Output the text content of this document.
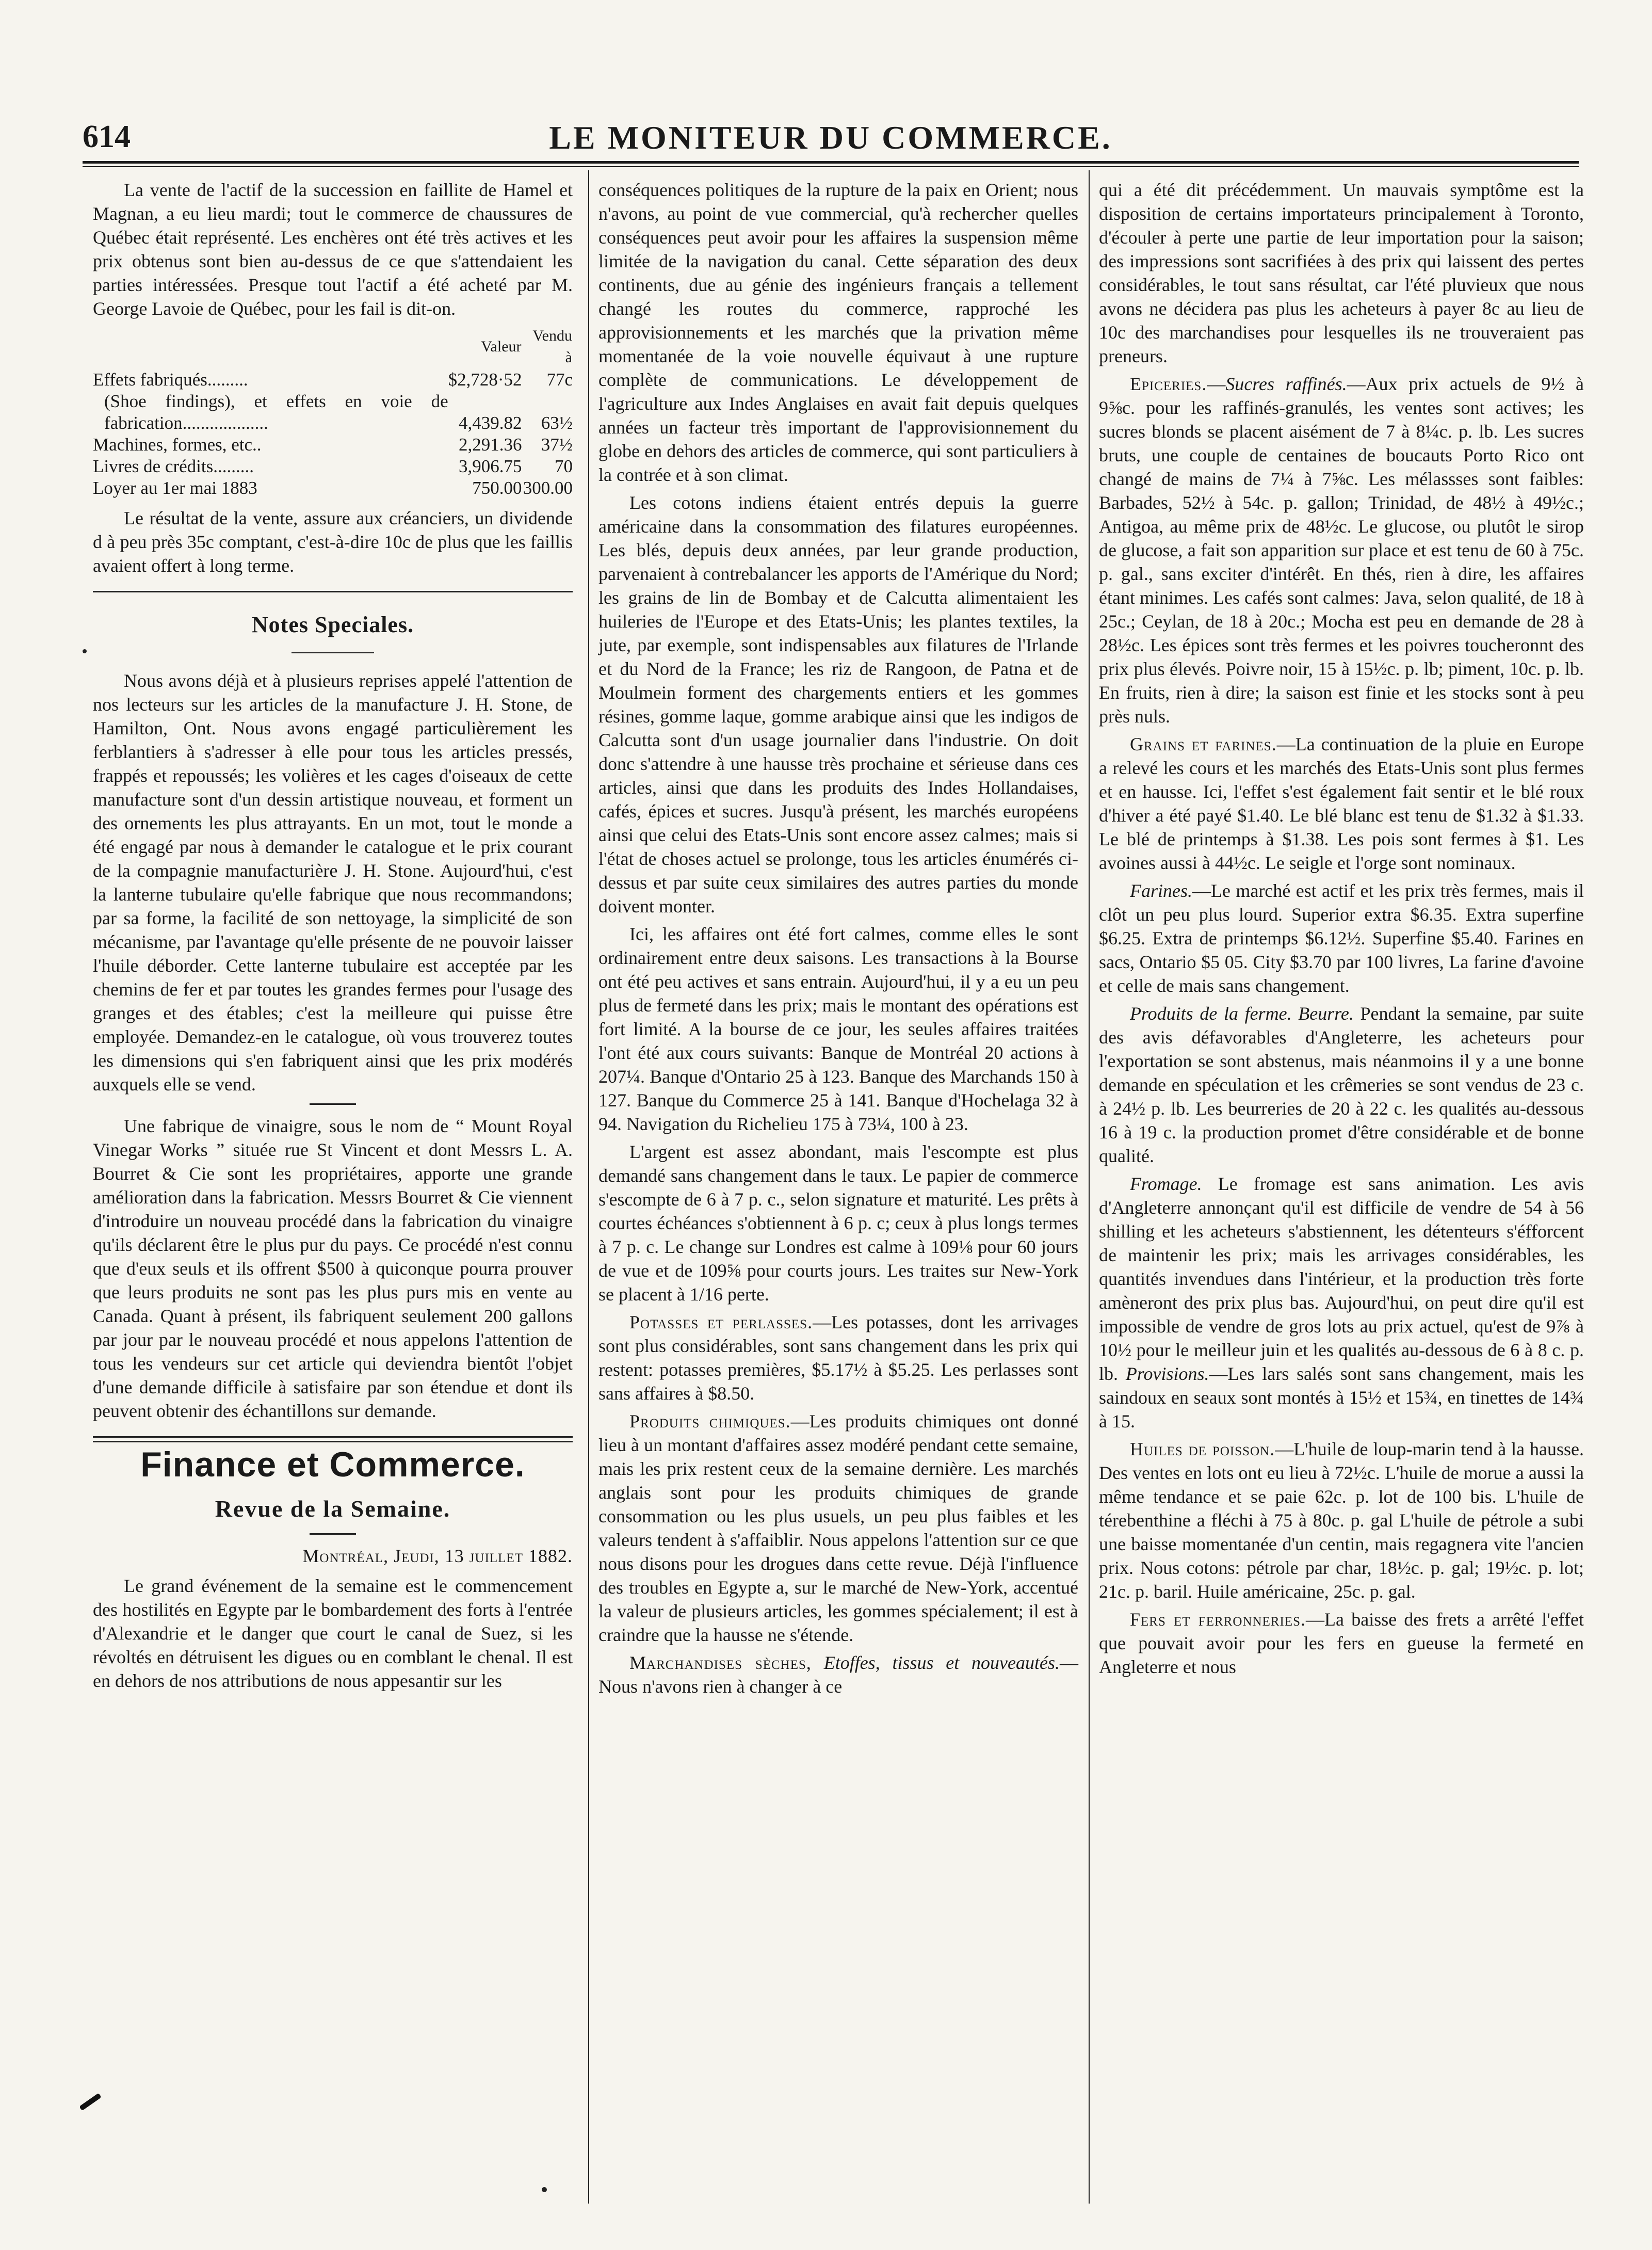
614	LE MONITEUR DU COMMERCE.

La vente de l'actif de la succession en faillite de Hamel et Magnan, a eu lieu mardi; tout le commerce de chaussures de Québec était représenté. Les enchères ont été très actives et les prix obtenus sont bien au-dessus de ce que s'attendaient les parties intéressées. Presque tout l'actif a été acheté par M. George Lavoie de Québec, pour les fail is dit-on.

	Valeur	Vendu à
Effets fabriqués.........	$2,728·52	77c
(Shoe findings), et effets en voie de fabrication...................	4,439.82	63½
Machines, formes, etc..	2,291.36	37½
Livres de crédits.........	3,906.75	70
Loyer au 1er mai 1883	750.00	300.00

Le résultat de la vente, assure aux créanciers, un dividende d à peu près 35c comptant, c'est-à-dire 10c de plus que les faillis avaient offert à long terme.

Notes Speciales.

Nous avons déjà et à plusieurs reprises appelé l'attention de nos lecteurs sur les articles de la manufacture J. H. Stone, de Hamilton, Ont. Nous avons engagé particulièrement les ferblantiers à s'adresser à elle pour tous les articles pressés, frappés et repoussés; les volières et les cages d'oiseaux de cette manufacture sont d'un dessin artistique nouveau, et forment un des ornements les plus attrayants. En un mot, tout le monde a été engagé par nous à demander le catalogue et le prix courant de la compagnie manufacturière J. H. Stone. Aujourd'hui, c'est la lanterne tubulaire qu'elle fabrique que nous recommandons; par sa forme, la facilité de son nettoyage, la simplicité de son mécanisme, par l'avantage qu'elle présente de ne pouvoir laisser l'huile déborder. Cette lanterne tubulaire est acceptée par les chemins de fer et par toutes les grandes fermes pour l'usage des granges et des étables; c'est la meilleure qui puisse être employée. Demandez-en le catalogue, où vous trouverez toutes les dimensions qui s'en fabriquent ainsi que les prix modérés auxquels elle se vend.

Une fabrique de vinaigre, sous le nom de “ Mount Royal Vinegar Works ” située rue St Vincent et dont Messrs L. A. Bourret & Cie sont les propriétaires, apporte une grande amélioration dans la fabrication. Messrs Bourret & Cie viennent d'introduire un nouveau procédé dans la fabrication du vinaigre qu'ils déclarent être le plus pur du pays. Ce procédé n'est connu que d'eux seuls et ils offrent $500 à quiconque pourra prouver que leurs produits ne sont pas les plus purs mis en vente au Canada. Quant à présent, ils fabriquent seulement 200 gallons par jour par le nouveau procédé et nous appelons l'attention de tous les vendeurs sur cet article qui deviendra bientôt l'objet d'une demande difficile à satisfaire par son étendue et dont ils peuvent obtenir des échantillons sur demande.

Finance et Commerce.
Revue de la Semaine.
Montréal, Jeudi, 13 juillet 1882.

Le grand événement de la semaine est le commencement des hostilités en Egypte par le bombardement des forts à l'entrée d'Alexandrie et le danger que court le canal de Suez, si les révoltés en détruisent les digues ou en comblant le chenal. Il est en dehors de nos attributions de nous appesantir sur les

conséquences politiques de la rupture de la paix en Orient; nous n'avons, au point de vue commercial, qu'à rechercher quelles conséquences peut avoir pour les affaires la suspension même limitée de la navigation du canal. Cette séparation des deux continents, due au génie des ingénieurs français a tellement changé les routes du commerce, rapproché les approvisionnements et les marchés que la privation même momentanée de la voie nouvelle équivaut à une rupture complète de communications. Le développement de l'agriculture aux Indes Anglaises en avait fait depuis quelques années un facteur très important de l'approvisionnement du globe en dehors des articles de commerce, qui sont particuliers à la contrée et à son climat.

Les cotons indiens étaient entrés depuis la guerre américaine dans la consommation des filatures européennes. Les blés, depuis deux années, par leur grande production, parvenaient à contrebalancer les apports de l'Amérique du Nord; les grains de lin de Bombay et de Calcutta alimentaient les huileries de l'Europe et des Etats-Unis; les plantes textiles, la jute, par exemple, sont indispensables aux filatures de l'Irlande et du Nord de la France; les riz de Rangoon, de Patna et de Moulmein forment des chargements entiers et les gommes résines, gomme laque, gomme arabique ainsi que les indigos de Calcutta sont d'un usage journalier dans l'industrie. On doit donc s'attendre à une hausse très prochaine et sérieuse dans ces articles, ainsi que dans les produits des Indes Hollandaises, cafés, épices et sucres. Jusqu'à présent, les marchés européens ainsi que celui des Etats-Unis sont encore assez calmes; mais si l'état de choses actuel se prolonge, tous les articles énumérés ci-dessus et par suite ceux similaires des autres parties du monde doivent monter.

Ici, les affaires ont été fort calmes, comme elles le sont ordinairement entre deux saisons. Les transactions à la Bourse ont été peu actives et sans entrain. Aujourd'hui, il y a eu un peu plus de fermeté dans les prix; mais le montant des opérations est fort limité. A la bourse de ce jour, les seules affaires traitées l'ont été aux cours suivants: Banque de Montréal 20 actions à 207¼. Banque d'Ontario 25 à 123. Banque des Marchands 150 à 127. Banque du Commerce 25 à 141. Banque d'Hochelaga 32 à 94. Navigation du Richelieu 175 à 73¼, 100 à 23.

L'argent est assez abondant, mais l'escompte est plus demandé sans changement dans le taux. Le papier de commerce s'escompte de 6 à 7 p. c., selon signature et maturité. Les prêts à courtes échéances s'obtiennent à 6 p. c; ceux à plus longs termes à 7 p. c. Le change sur Londres est calme à 109⅛ pour 60 jours de vue et de 109⅝ pour courts jours. Les traites sur New-York se placent à 1/16 perte.

Potasses et perlasses.—Les potasses, dont les arrivages sont plus considérables, sont sans changement dans les prix qui restent: potasses premières, $5.17½ à $5.25. Les perlasses sont sans affaires à $8.50.

Produits chimiques.—Les produits chimiques ont donné lieu à un montant d'affaires assez modéré pendant cette semaine, mais les prix restent ceux de la semaine dernière. Les marchés anglais sont pour les produits chimiques de grande consommation ou les plus usuels, un peu plus faibles et les valeurs tendent à s'affaiblir. Nous appelons l'attention sur ce que nous disons pour les drogues dans cette revue. Déjà l'influence des troubles en Egypte a, sur le marché de New-York, accentué la valeur de plusieurs articles, les gommes spécialement; il est à craindre que la hausse ne s'étende.

Marchandises sèches, Etoffes, tissus et nouveautés.—Nous n'avons rien à changer à ce

qui a été dit précédemment. Un mauvais symptôme est la disposition de certains importateurs principalement à Toronto, d'écouler à perte une partie de leur importation pour la saison; des impressions sont sacrifiées à des prix qui laissent des pertes considérables, le tout sans résultat, car l'été pluvieux que nous avons ne décidera pas plus les acheteurs à payer 8c au lieu de 10c des marchandises pour lesquelles ils ne trouveraient pas preneurs.

Epiceries.—Sucres raffinés.—Aux prix actuels de 9½ à 9⅝c. pour les raffinés-granulés, les ventes sont actives; les sucres blonds se placent aisément de 7 à 8¼c. p. lb. Les sucres bruts, une couple de centaines de boucauts Porto Rico ont changé de mains de 7¼ à 7⅝c. Les mélassses sont faibles: Barbades, 52½ à 54c. p. gallon; Trinidad, de 48½ à 49½c.; Antigoa, au même prix de 48½c. Le glucose, ou plutôt le sirop de glucose, a fait son apparition sur place et est tenu de 60 à 75c. p. gal., sans exciter d'intérêt. En thés, rien à dire, les affaires étant minimes. Les cafés sont calmes: Java, selon qualité, de 18 à 25c.; Ceylan, de 18 à 20c.; Mocha est peu en demande de 28 à 28½c. Les épices sont très fermes et les poivres toucheronnt des prix plus élevés. Poivre noir, 15 à 15½c. p. lb; piment, 10c. p. lb. En fruits, rien à dire; la saison est finie et les stocks sont à peu près nuls.

Grains et farines.—La continuation de la pluie en Europe a relevé les cours et les marchés des Etats-Unis sont plus fermes et en hausse. Ici, l'effet s'est également fait sentir et le blé roux d'hiver a été payé $1.40. Le blé blanc est tenu de $1.32 à $1.33. Le blé de printemps à $1.38. Les pois sont fermes à $1. Les avoines aussi à 44½c. Le seigle et l'orge sont nominaux.

Farines.—Le marché est actif et les prix très fermes, mais il clôt un peu plus lourd. Superior extra $6.35. Extra superfine $6.25. Extra de printemps $6.12½. Superfine $5.40. Farines en sacs, Ontario $5 05. City $3.70 par 100 livres, La farine d'avoine et celle de mais sans changement.

Produits de la ferme. Beurre. Pendant la semaine, par suite des avis défavorables d'Angleterre, les acheteurs pour l'exportation se sont abstenus, mais néanmoins il y a une bonne demande en spéculation et les crêmeries se sont vendus de 23 c. à 24½ p. lb. Les beurreries de 20 à 22 c. les qualités au-dessous 16 à 19 c. la production promet d'être considérable et de bonne qualité.

Fromage. Le fromage est sans animation. Les avis d'Angleterre annonçant qu'il est difficile de vendre de 54 à 56 shilling et les acheteurs s'abstiennent, les détenteurs s'éfforcent de maintenir les prix; mais les arrivages considérables, les quantités invendues dans l'intérieur, et la production très forte amèneront des prix plus bas. Aujourd'hui, on peut dire qu'il est impossible de vendre de gros lots au prix actuel, qu'est de 9⅞ à 10½ pour le meilleur juin et les qualités au-dessous de 6 à 8 c. p. lb. Provisions.—Les lars salés sont sans changement, mais les saindoux en seaux sont montés à 15½ et 15¾, en tinettes de 14¾ à 15.

Huiles de poisson.—L'huile de loup-marin tend à la hausse. Des ventes en lots ont eu lieu à 72½c. L'huile de morue a aussi la même tendance et se paie 62c. p. lot de 100 bis. L'huile de térebenthine a fléchi à 75 à 80c. p. gal L'huile de pétrole a subi une baisse momentanée d'un centin, mais regagnera vite l'ancien prix. Nous cotons: pétrole par char, 18½c. p. gal; 19½c. p. lot; 21c. p. baril. Huile américaine, 25c. p. gal.

Fers et ferronneries.—La baisse des frets a arrêté l'effet que pouvait avoir pour les fers en gueuse la fermeté en Angleterre et nous
